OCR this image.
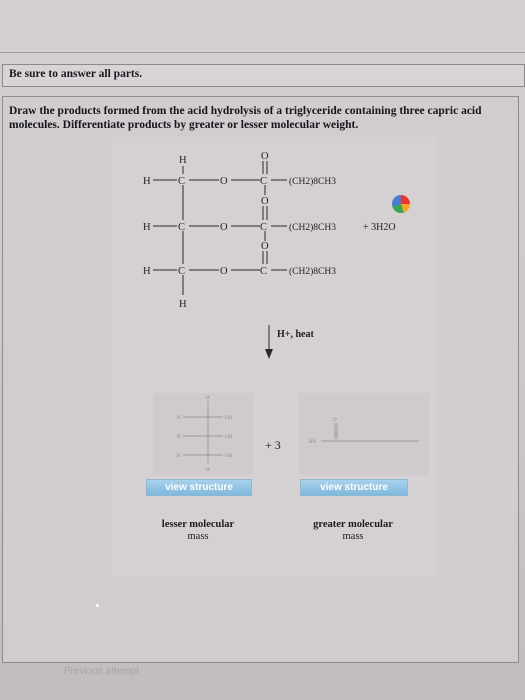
Be sure to answer all parts.
Draw the products formed from the acid hydrolysis of a triglyceride containing three capric acid molecules. Differentiate products by greater or lesser molecular weight.
H
H	C	O	C
O
(CH2)8CH3
H	C	O	C
O
(CH2)8CH3	+ 3H2O
H	C	O	C
O
(CH2)8CH3
H
H+, heat
H
H	OH
H	OH
H	OH
H
+ 3	HO
O
view structure	view structure
lesser molecular
mass
greater molecular
mass
Previous attempt
